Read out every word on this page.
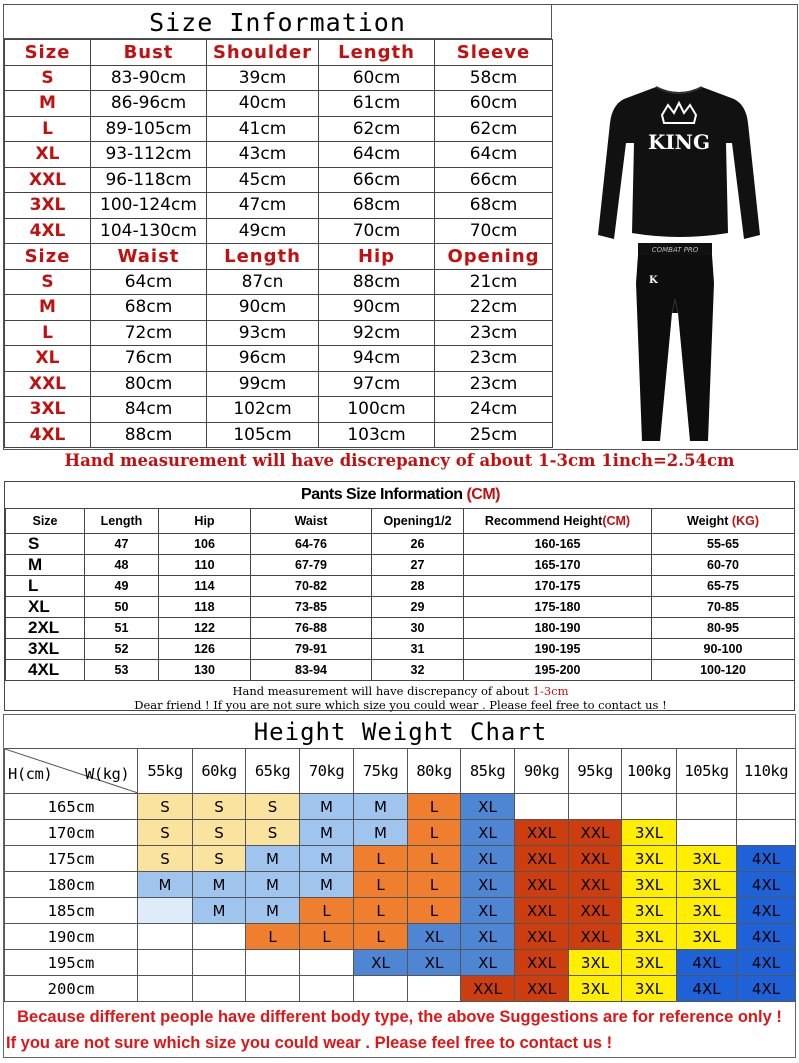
Size Information
Size	Bust	Shoulder	Length	Sleeve
S	83-90cm	39cm	60cm	58cm
M	86-96cm	40cm	61cm	60cm
L	89-105cm	41cm	62cm	62cm
XL	93-112cm	43cm	64cm	64cm
XXL	96-118cm	45cm	66cm	66cm
3XL	100-124cm	47cm	68cm	68cm
4XL	104-130cm	49cm	70cm	70cm
Size	Waist	Length	Hip	Opening
S	64cm	87cn	88cm	21cm
M	68cm	90cm	90cm	22cm
L	72cm	93cm	92cm	23cm
XL	76cm	96cm	94cm	23cm
XXL	80cm	99cm	97cm	23cm
3XL	84cm	102cm	100cm	24cm
4XL	88cm	105cm	103cm	25cm
KING
COMBAT PRO
K
Hand measurement will have discrepancy of about 1-3cm 1inch=2.54cm
Pants Size Information (CM)
Size	Length	Hip	Waist	Opening1/2	Recommend Height(CM)	Weight (KG)
S	47	106	64-76	26	160-165	55-65
M	48	110	67-79	27	165-170	60-70
L	49	114	70-82	28	170-175	65-75
XL	50	118	73-85	29	175-180	70-85
2XL	51	122	76-88	30	180-190	80-95
3XL	52	126	79-91	31	190-195	90-100
4XL	53	130	83-94	32	195-200	100-120
Hand measurement will have discrepancy of about 1-3cm
Dear friend ! If you are not sure which size you could wear . Please feel free to contact us !
Height Weight Chart
H(cm) W(kg)	55kg	60kg	65kg	70kg	75kg	80kg	85kg	90kg	95kg	100kg	105kg	110kg
165cm	S	S	S	M	M	L	XL					
170cm	S	S	S	M	M	L	XL	XXL	XXL	3XL		
175cm	S	S	M	M	L	L	XL	XXL	XXL	3XL	3XL	4XL
180cm	M	M	M	M	L	L	XL	XXL	XXL	3XL	3XL	4XL
185cm		M	M	L	L	L	XL	XXL	XXL	3XL	3XL	4XL
190cm			L	L	L	XL	XL	XXL	XXL	3XL	3XL	4XL
195cm					XL	XL	XL	XXL	3XL	3XL	4XL	4XL
200cm							XXL	XXL	3XL	3XL	4XL	4XL
Because different people have different body type, the above Suggestions are for reference only !
If you are not sure which size you could wear . Please feel free to contact us !
